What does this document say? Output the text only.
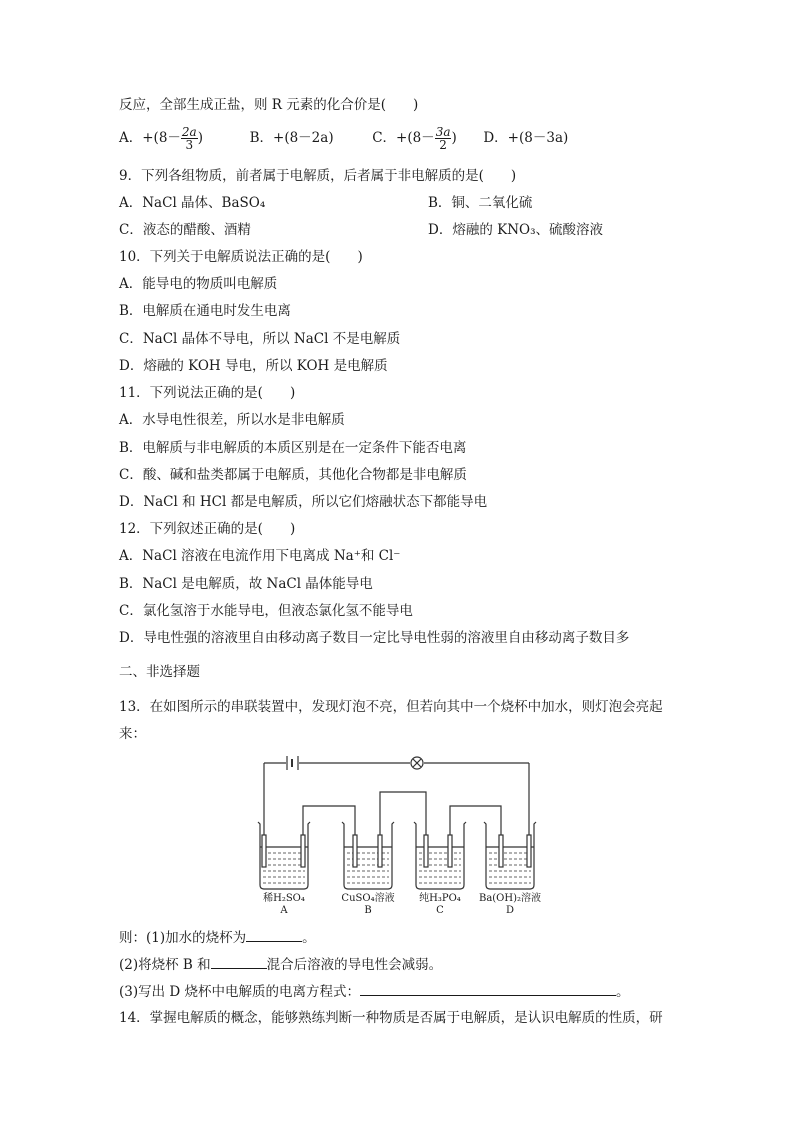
反应，全部生成正盐，则 R 元素的化合价是(　　)
A．$+(8- \frac{2a}{3}$ )	B．+(8－2a)	C．$+(8- \frac{3a}{2}$ ) D．+(8－3a)
9．下列各组物质，前者属于电解质，后者属于非电解质的是(　　)
A．NaCl 晶体、BaSO₄	B．铜、二氧化硫
C．液态的醋酸、酒精	D．熔融的 KNO₃、硫酸溶液
10．下列关于电解质说法正确的是(　　)
A．能导电的物质叫电解质
B．电解质在通电时发生电离
C．NaCl 晶体不导电，所以 NaCl 不是电解质
D．熔融的 KOH 导电，所以 KOH 是电解质
11．下列说法正确的是(　　)
A．水导电性很差，所以水是非电解质
B．电解质与非电解质的本质区别是在一定条件下能否电离
C．酸、碱和盐类都属于电解质，其他化合物都是非电解质
D．NaCl 和 HCl 都是电解质，所以它们熔融状态下都能导电
12．下列叙述正确的是(　　)
A．NaCl 溶液在电流作用下电离成 Na⁺和 Cl⁻
B．NaCl 是电解质，故 NaCl 晶体能导电
C．氯化氢溶于水能导电，但液态氯化氢不能导电
D．导电性强的溶液里自由移动离子数目一定比导电性弱的溶液里自由移动离子数目多
二、非选择题
13．在如图所示的串联装置中，发现灯泡不亮，但若向其中一个烧杯中加水，则灯泡会亮起来：
稀H₂SO₄
A
CuSO₄溶液
B
纯H₃PO₄
C
Ba(OH)₂溶液
D
则：(1)加水的烧杯为	。
(2)将烧杯 B 和	混合后溶液的导电性会减弱。
(3)写出 D 烧杯中电解质的电离方程式：	。
14．掌握电解质的概念，能够熟练判断一种物质是否属于电解质，是认识电解质的性质，研
